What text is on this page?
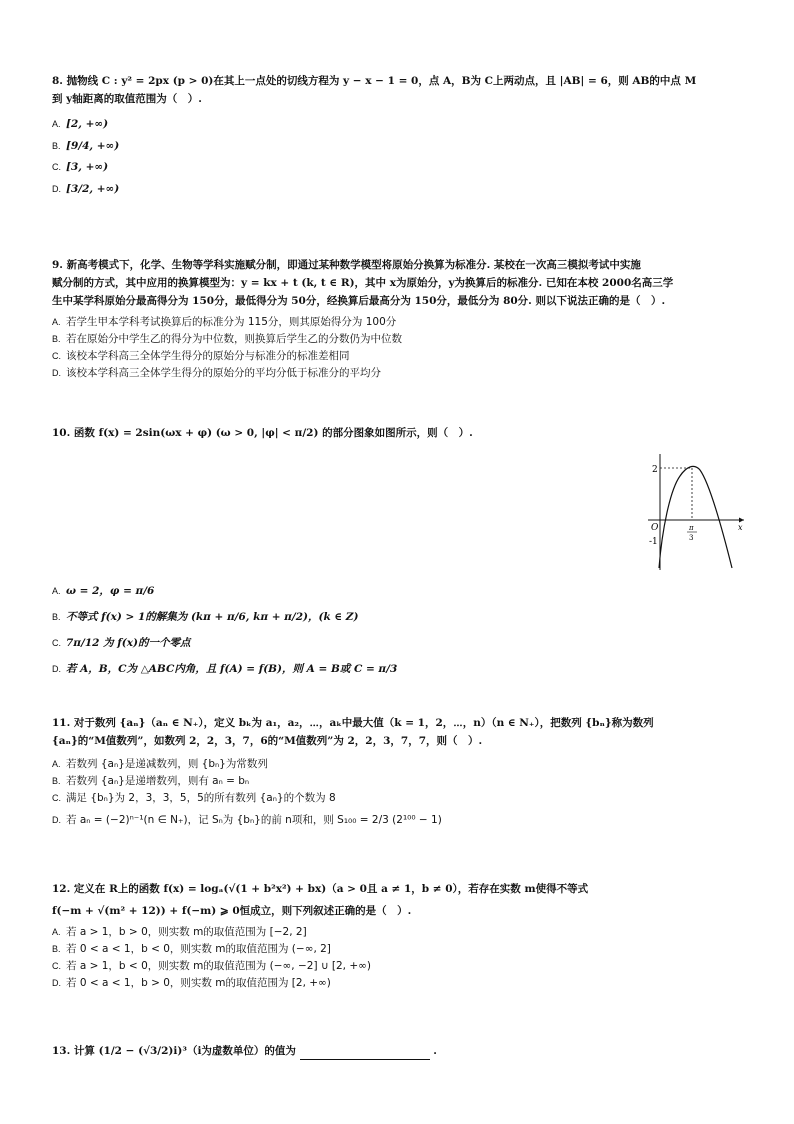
8. 抛物线 C : y² = 2px (p > 0)在其上一点处的切线方程为 y − x − 1 = 0，点 A，B为 C上两动点，且 |AB| = 6，则 AB的中点 M
到 y轴距离的取值范围为（　）.
A. [2, +∞)
B. [9/4, +∞)
C. [3, +∞)
D. [3/2, +∞)
9. 新高考模式下，化学、生物等学科实施赋分制，即通过某种数学模型将原始分换算为标准分. 某校在一次高三模拟考试中实施
赋分制的方式，其中应用的换算模型为：y = kx + t (k, t ∈ R)，其中 x为原始分，y为换算后的标准分. 已知在本校 2000名高三学
生中某学科原始分最高得分为 150分，最低得分为 50分，经换算后最高分为 150分，最低分为 80分. 则以下说法正确的是（　）.
A. 若学生甲本学科考试换算后的标准分为 115分，则其原始得分为 100分
B. 若在原始分中学生乙的得分为中位数，则换算后学生乙的分数仍为中位数
C. 该校本学科高三全体学生得分的原始分与标准分的标准差相同
D. 该校本学科高三全体学生得分的原始分的平均分低于标准分的平均分
10. 函数 f(x) = 2sin(ωx + φ) (ω > 0, |φ| < π/2) 的部分图象如图所示，则（　）.
2
-1
O	π
3
x
A. ω = 2，φ = π/6
B. 不等式 f(x) > 1的解集为 (kπ + π/6, kπ + π/2)，(k ∈ Z)
C. 7π/12 为 f(x)的一个零点
D. 若 A，B，C为 △ABC内角，且 f(A) = f(B)，则 A = B或 C = π/3
11. 对于数列 {aₙ}（aₙ ∈ N₊），定义 bₖ为 a₁，a₂，⋯，aₖ中最大值（k = 1，2，⋯，n）（n ∈ N₊），把数列 {bₙ}称为数列
{aₙ}的“M值数列”，如数列 2，2，3，7，6的“M值数列”为 2，2，3，7，7，则（　）.
A. 若数列 {aₙ}是递减数列，则 {bₙ}为常数列
B. 若数列 {aₙ}是递增数列，则有 aₙ = bₙ
C. 满足 {bₙ}为 2，3，3，5，5的所有数列 {aₙ}的个数为 8
D. 若 aₙ = (−2)ⁿ⁻¹(n ∈ N₊)，记 Sₙ为 {bₙ}的前 n项和，则 S₁₀₀ = 2/3 (2¹⁰⁰ − 1)
12. 定义在 R上的函数 f(x) = logₐ(√(1 + b²x²) + bx)（a > 0且 a ≠ 1，b ≠ 0），若存在实数 m使得不等式
f(−m + √(m² + 12)) + f(−m) ⩾ 0恒成立，则下列叙述正确的是（　）.
A. 若 a > 1，b > 0，则实数 m的取值范围为 [−2, 2]
B. 若 0 < a < 1，b < 0，则实数 m的取值范围为 (−∞, 2]
C. 若 a > 1，b < 0，则实数 m的取值范围为 (−∞, −2] ∪ [2, +∞)
D. 若 0 < a < 1，b > 0，则实数 m的取值范围为 [2, +∞)
13. 计算 (1/2 − (√3/2)i)³（i为虚数单位）的值为	.
